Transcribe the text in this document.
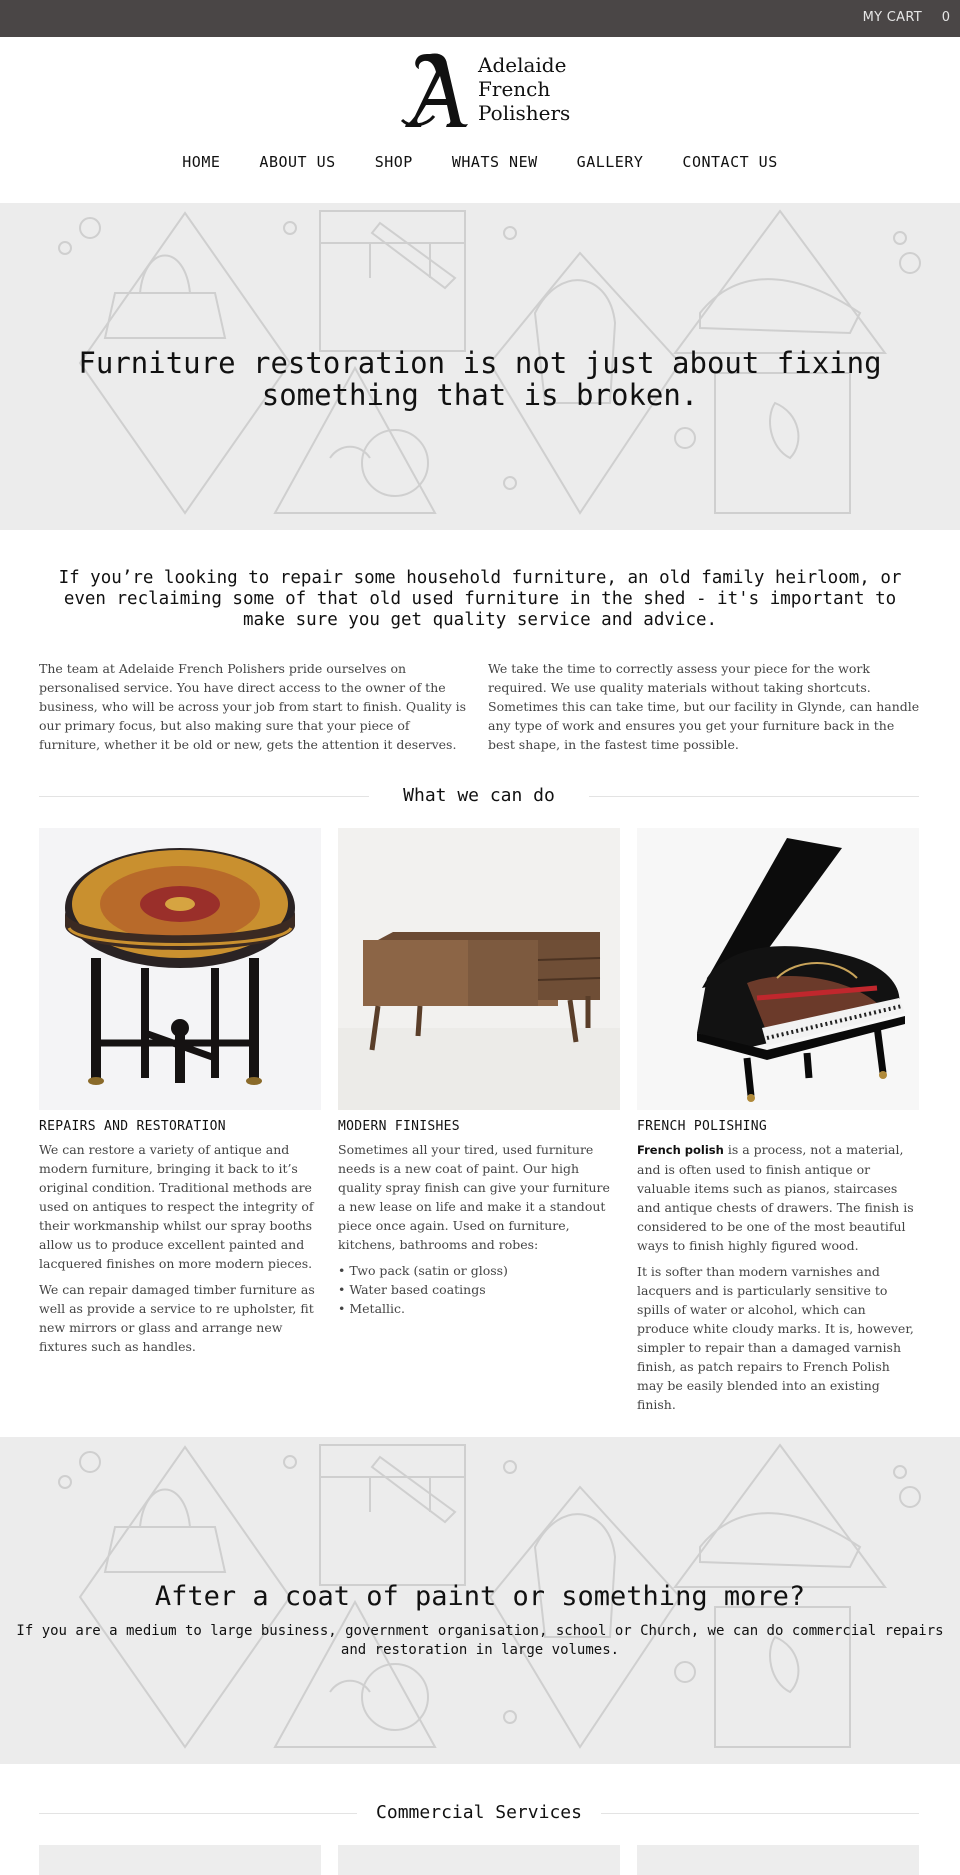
MY CART 0
Adelaide
French
Polishers
HOME	ABOUT US	SHOP	WHATS NEW	GALLERY	CONTACT US
Furniture restoration is not just about fixing something that is broken.
If you’re looking to repair some household furniture, an old family heirloom, or even reclaiming some of that old used furniture in the shed - it's important to make sure you get quality service and advice.
The team at Adelaide French Polishers pride ourselves on personalised service. You have direct access to the owner of the business, who will be across your job from start to finish. Quality is our primary focus, but also making sure that your piece of furniture, whether it be old or new, gets the attention it deserves.
We take the time to correctly assess your piece for the work required. We use quality materials without taking shortcuts. Sometimes this can take time, but our facility in Glynde, can handle any type of work and ensures you get your furniture back in the best shape, in the fastest time possible.
What we can do
REPAIRS AND RESTORATION

We can restore a variety of antique and modern furniture, bringing it back to it’s original condition. Traditional methods are used on antiques to respect the integrity of their workmanship whilst our spray booths allow us to produce excellent painted and lacquered finishes on more modern pieces.

We can repair damaged timber furniture as well as provide a service to re upholster, fit new mirrors or glass and arrange new fixtures such as handles.

MODERN FINISHES

Sometimes all your tired, used furniture needs is a new coat of paint. Our high quality spray finish can give your furniture a new lease on life and make it a standout piece once again. Used on furniture, kitchens, bathrooms and robes:

• Two pack (satin or gloss)
• Water based coatings
• Metallic.
FRENCH POLISHING

French polish is a process, not a material, and is often used to finish antique or valuable items such as pianos, staircases and antique chests of drawers. The finish is considered to be one of the most beautiful ways to finish highly figured wood.

It is softer than modern varnishes and lacquers and is particularly sensitive to spills of water or alcohol, which can produce white cloudy marks. It is, however, simpler to repair than a damaged varnish finish, as patch repairs to French Polish may be easily blended into an existing finish.

After a coat of paint or something more?
If you are a medium to large business, government organisation, school or Church, we can do commercial repairs and restoration in large volumes.
Commercial Services
